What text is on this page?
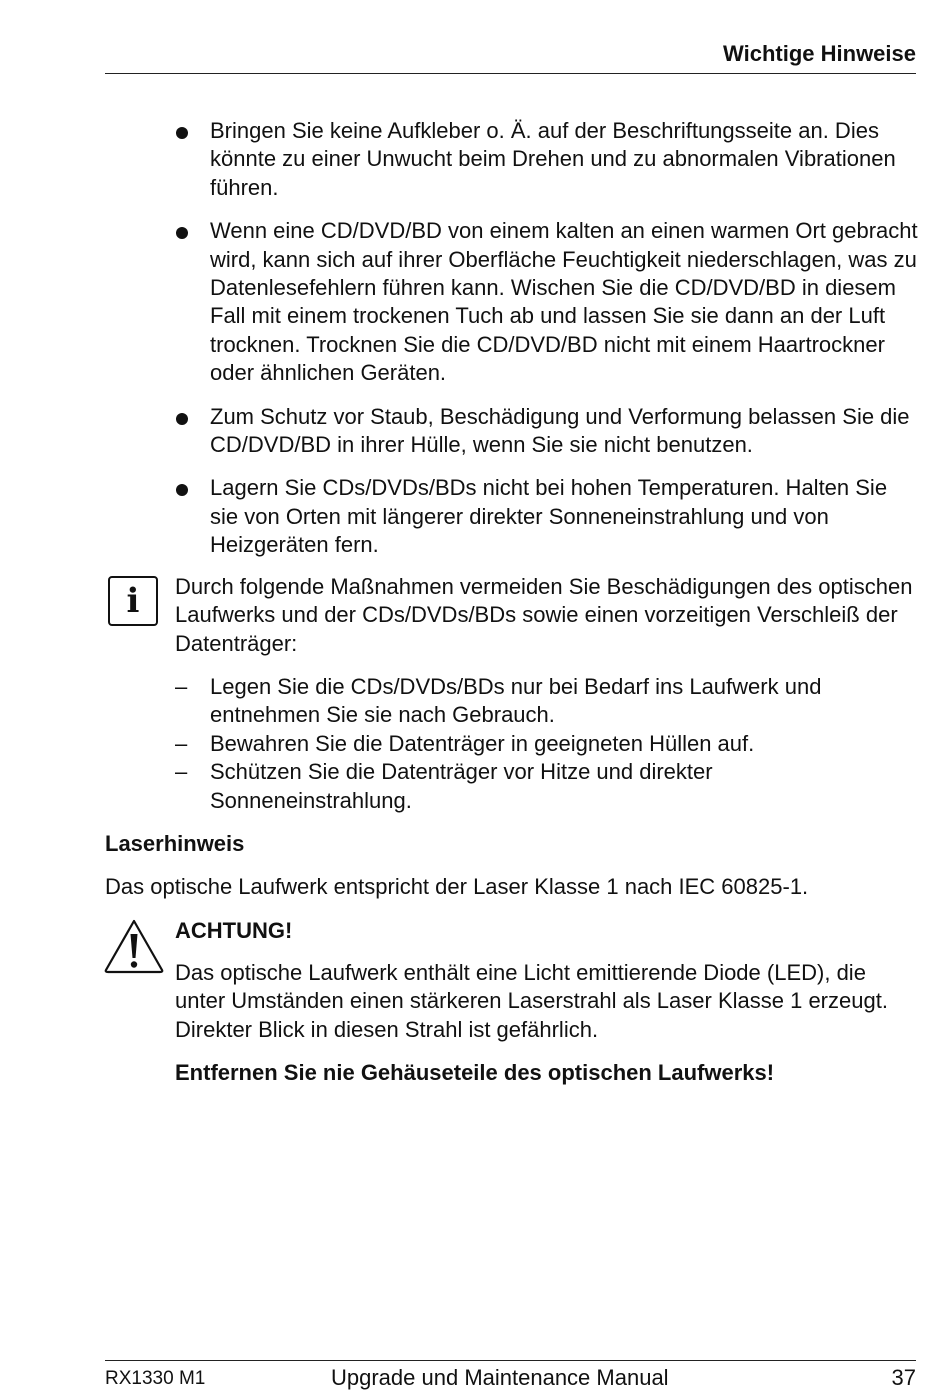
Wichtige Hinweise
Bringen Sie keine Aufkleber o. Ä. auf der Beschriftungsseite an. Dies könnte zu einer Unwucht beim Drehen und zu abnormalen Vibrationen führen.
Wenn eine CD/DVD/BD von einem kalten an einen warmen Ort gebracht wird, kann sich auf ihrer Oberfläche Feuchtigkeit niederschlagen, was zu Datenlesefehlern führen kann. Wischen Sie die CD/DVD/BD in diesem Fall mit einem trockenen Tuch ab und lassen Sie sie dann an der Luft trocknen. Trocknen Sie die CD/DVD/BD nicht mit einem Haartrockner oder ähnlichen Geräten.
Zum Schutz vor Staub, Beschädigung und Verformung belassen Sie die CD/DVD/BD in ihrer Hülle, wenn Sie sie nicht benutzen.
Lagern Sie CDs/DVDs/BDs nicht bei hohen Temperaturen. Halten Sie sie von Orten mit längerer direkter Sonneneinstrahlung und von Heizgeräten fern.
i	Durch folgende Maßnahmen vermeiden Sie Beschädigungen des optischen Laufwerks und der CDs/DVDs/BDs sowie einen vorzeitigen Verschleiß der Datenträger:
– Legen Sie die CDs/DVDs/BDs nur bei Bedarf ins Laufwerk und entnehmen Sie sie nach Gebrauch.
– Bewahren Sie die Datenträger in geeigneten Hüllen auf.
– Schützen Sie die Datenträger vor Hitze und direkter Sonneneinstrahlung.
Laserhinweis
Das optische Laufwerk entspricht der Laser Klasse 1 nach IEC 60825-1.
ACHTUNG!
Das optische Laufwerk enthält eine Licht emittierende Diode (LED), die unter Umständen einen stärkeren Laserstrahl als Laser Klasse 1 erzeugt. Direkter Blick in diesen Strahl ist gefährlich.
Entfernen Sie nie Gehäuseteile des optischen Laufwerks!
RX1330 M1	Upgrade und Maintenance Manual	37
